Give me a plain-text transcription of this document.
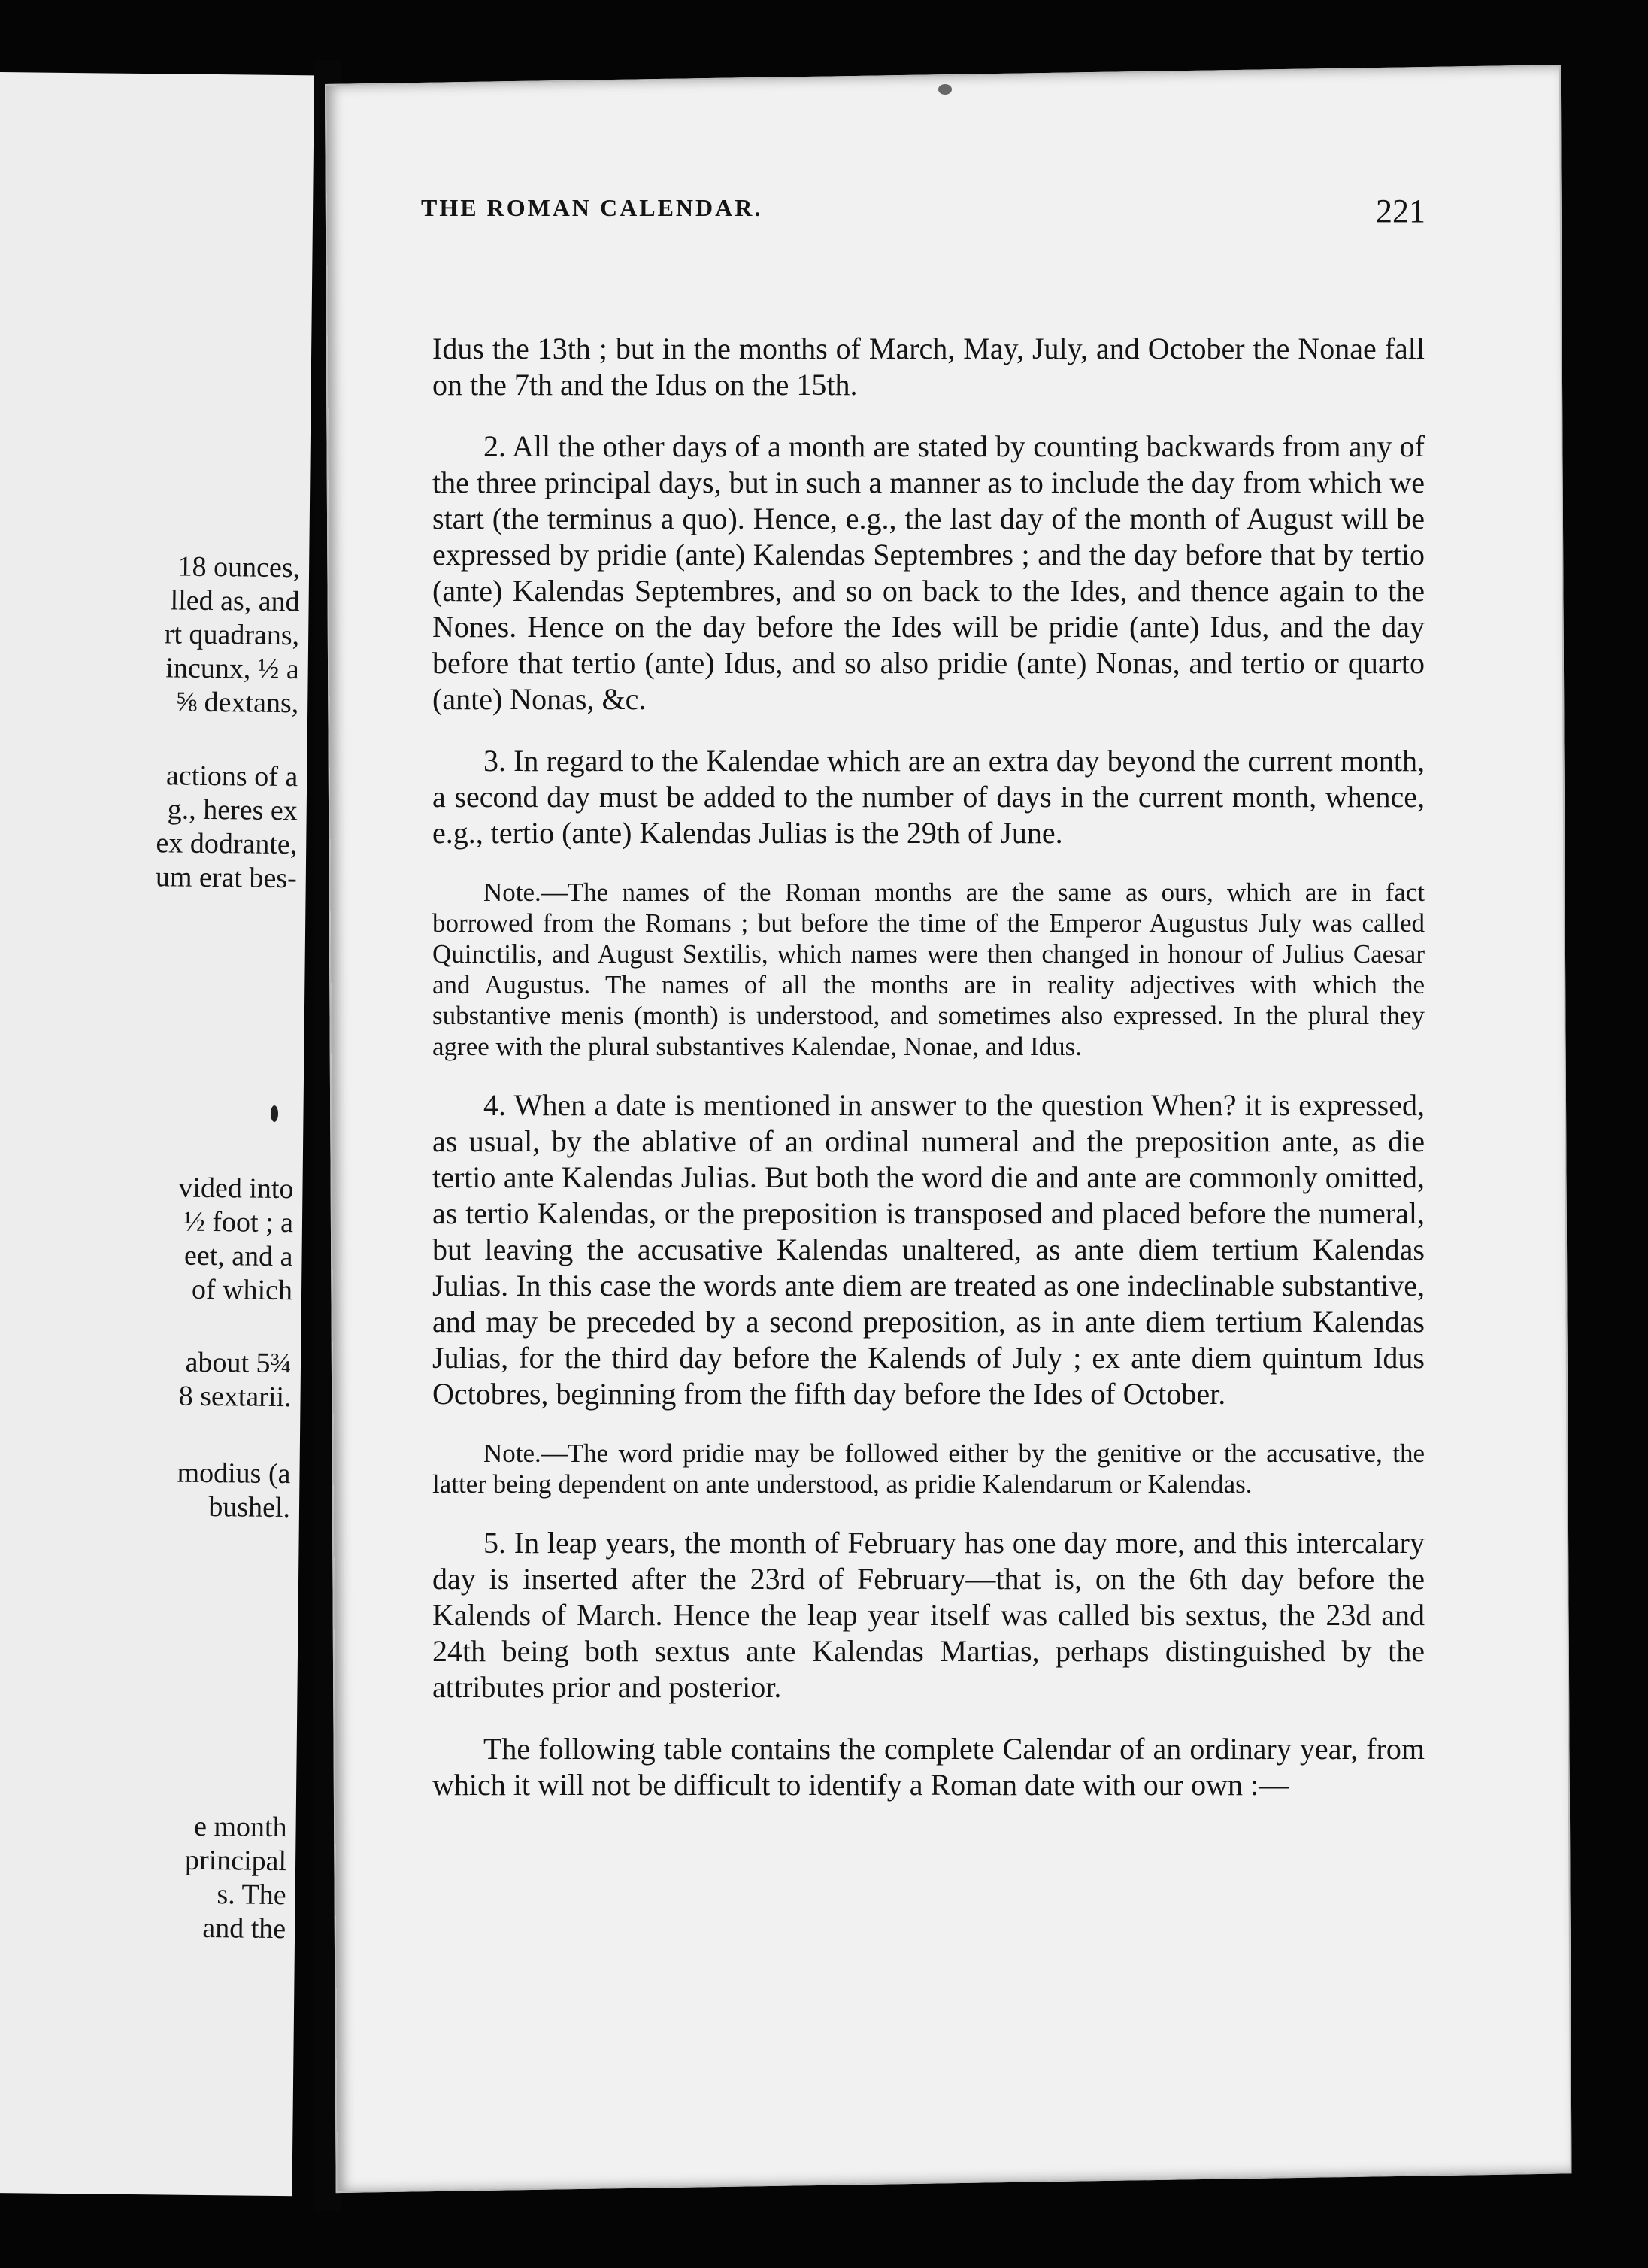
18 ounces,
lled as, and
rt quadrans,
incunx, ½ a
⅝ dextans,
actions of a
g., heres ex
ex dodrante,
um erat bes-
vided into
½ foot ; a
eet, and a
of which
about 5¾
8 sextarii.
modius (a
bushel.
e month
principal
s. The
and the
THE ROMAN CALENDAR.	221

Idus the 13th ; but in the months of March, May, July, and October the Nonae fall on the 7th and the Idus on the 15th.

2. All the other days of a month are stated by counting backwards from any of the three principal days, but in such a manner as to include the day from which we start (the terminus a quo). Hence, e.g., the last day of the month of August will be expressed by pridie (ante) Kalendas Septembres ; and the day before that by tertio (ante) Kalendas Septembres, and so on back to the Ides, and thence again to the Nones. Hence on the day before the Ides will be pridie (ante) Idus, and the day before that tertio (ante) Idus, and so also pridie (ante) Nonas, and tertio or quarto (ante) Nonas, &c.

3. In regard to the Kalendae which are an extra day beyond the current month, a second day must be added to the number of days in the current month, whence, e.g., tertio (ante) Kalendas Julias is the 29th of June.

Note.—The names of the Roman months are the same as ours, which are in fact borrowed from the Romans ; but before the time of the Emperor Augustus July was called Quinctilis, and August Sextilis, which names were then changed in honour of Julius Caesar and Augustus. The names of all the months are in reality adjectives with which the substantive menis (month) is understood, and sometimes also expressed. In the plural they agree with the plural substantives Kalendae, Nonae, and Idus.

4. When a date is mentioned in answer to the question When? it is expressed, as usual, by the ablative of an ordinal numeral and the preposition ante, as die tertio ante Kalendas Julias. But both the word die and ante are commonly omitted, as tertio Kalendas, or the preposition is transposed and placed before the numeral, but leaving the accusative Kalendas unaltered, as ante diem tertium Kalendas Julias. In this case the words ante diem are treated as one indeclinable substantive, and may be preceded by a second preposition, as in ante diem tertium Kalendas Julias, for the third day before the Kalends of July ; ex ante diem quintum Idus Octobres, beginning from the fifth day before the Ides of October.

Note.—The word pridie may be followed either by the genitive or the accusative, the latter being dependent on ante understood, as pridie Kalendarum or Kalendas.

5. In leap years, the month of February has one day more, and this intercalary day is inserted after the 23rd of February—that is, on the 6th day before the Kalends of March. Hence the leap year itself was called bis sextus, the 23d and 24th being both sextus ante Kalendas Martias, perhaps distinguished by the attributes prior and posterior.

The following table contains the complete Calendar of an ordinary year, from which it will not be difficult to identify a Roman date with our own :—
